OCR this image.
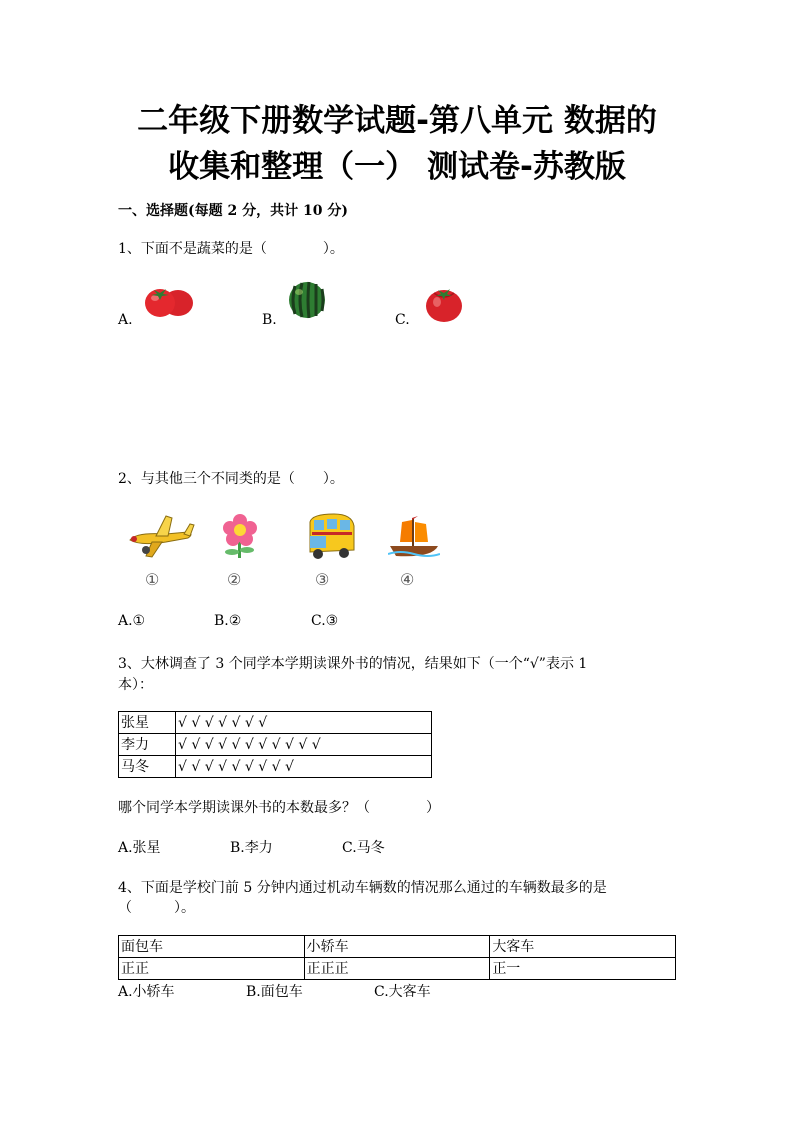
二年级下册数学试题-第八单元 数据的
收集和整理（一） 测试卷-苏教版
一、选择题(每题 2 分，共计 10 分)
1、下面不是蔬菜的是（　　　　）。
A.	B.	C.
2、与其他三个不同类的是（　　）。
①	②	③	④
A.①	B.②	C.③
3、大林调查了 3 个同学本学期读课外书的情况，结果如下（一个“√”表示 1
本）：
张星	√ √ √ √ √ √ √
李力	√ √ √ √ √ √ √ √ √ √ √
马冬	√ √ √ √ √ √ √ √ √
哪个同学本学期读课外书的本数最多？（　　　　）
A.张星	B.李力	C.马冬
4、下面是学校门前 5 分钟内通过机动车辆数的情况那么通过的车辆数最多的是
（　　　）。
面包车	小轿车	大客车
正正	正正正	正一
A.小轿车	B.面包车	C.大客车
